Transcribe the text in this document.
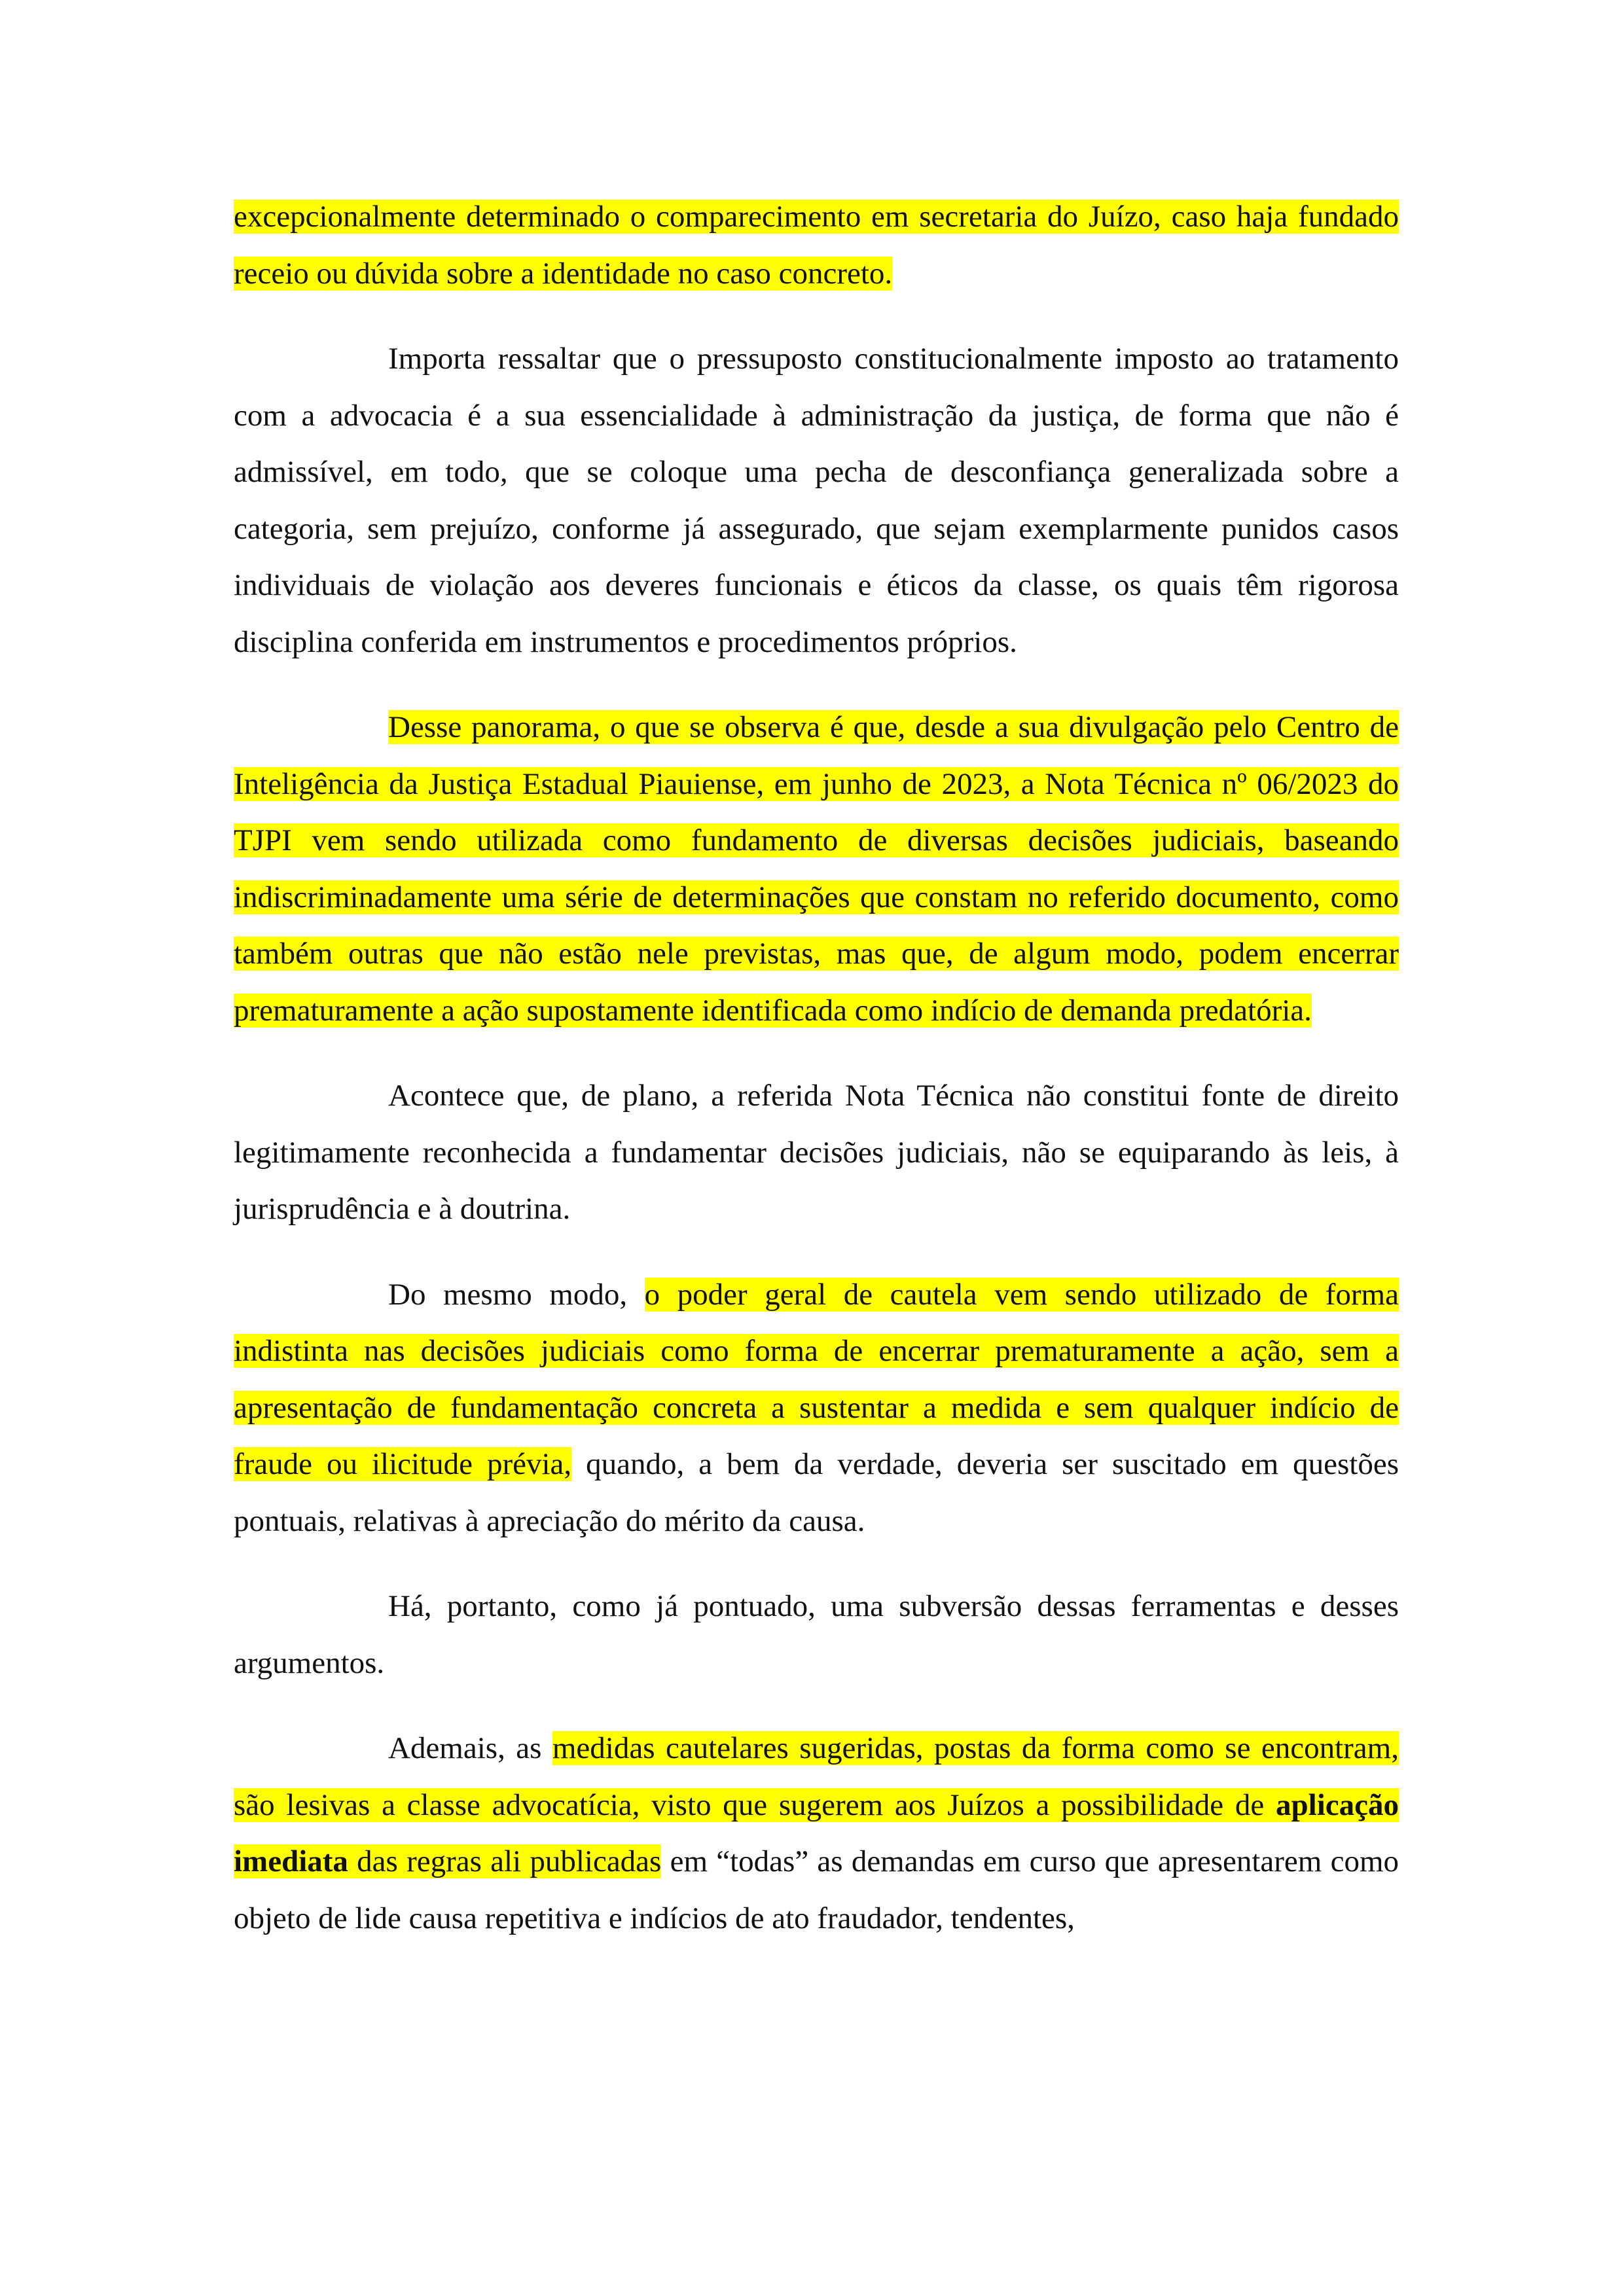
excepcionalmente determinado o comparecimento em secretaria do Juízo, caso haja fundado receio ou dúvida sobre a identidade no caso concreto.

Importa ressaltar que o pressuposto constitucionalmente imposto ao tratamento com a advocacia é a sua essencialidade à administração da justiça, de forma que não é admissível, em todo, que se coloque uma pecha de desconfiança generalizada sobre a categoria, sem prejuízo, conforme já assegurado, que sejam exemplarmente punidos casos individuais de violação aos deveres funcionais e éticos da classe, os quais têm rigorosa disciplina conferida em instrumentos e procedimentos próprios.

Desse panorama, o que se observa é que, desde a sua divulgação pelo Centro de Inteligência da Justiça Estadual Piauiense, em junho de 2023, a Nota Técnica nº 06/2023 do TJPI vem sendo utilizada como fundamento de diversas decisões judiciais, baseando indiscriminadamente uma série de determinações que constam no referido documento, como também outras que não estão nele previstas, mas que, de algum modo, podem encerrar prematuramente a ação supostamente identificada como indício de demanda predatória.

Acontece que, de plano, a referida Nota Técnica não constitui fonte de direito legitimamente reconhecida a fundamentar decisões judiciais, não se equiparando às leis, à jurisprudência e à doutrina.

Do mesmo modo, o poder geral de cautela vem sendo utilizado de forma indistinta nas decisões judiciais como forma de encerrar prematuramente a ação, sem a apresentação de fundamentação concreta a sustentar a medida e sem qualquer indício de fraude ou ilicitude prévia, quando, a bem da verdade, deveria ser suscitado em questões pontuais, relativas à apreciação do mérito da causa.

Há, portanto, como já pontuado, uma subversão dessas ferramentas e desses argumentos.

Ademais, as medidas cautelares sugeridas, postas da forma como se encontram, são lesivas a classe advocatícia, visto que sugerem aos Juízos a possibilidade de aplicação imediata das regras ali publicadas em “todas” as demandas em curso que apresentarem como objeto de lide causa repetitiva e indícios de ato fraudador, tendentes,
